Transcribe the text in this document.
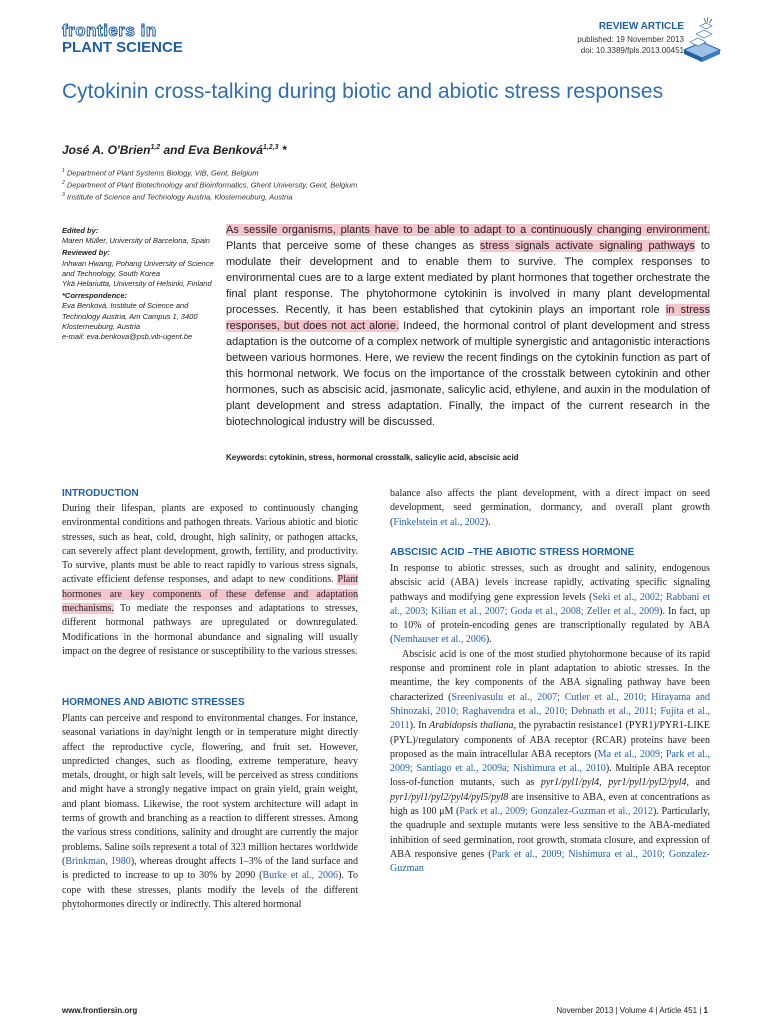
frontiers in
PLANT SCIENCE
REVIEW ARTICLE
published: 19 November 2013
doi: 10.3389/fpls.2013.00451
Cytokinin cross-talking during biotic and abiotic stress responses
José A. O'Brien$^{1,2}$ and Eva Benková$^{1,2,3}$ *
$^1$ Department of Plant Systems Biology, VIB, Gent, Belgium
$^2$ Department of Plant Biotechnology and Bioinformatics, Ghent University, Gent, Belgium
$^3$ Institute of Science and Technology Austria, Klosterneuburg, Austria
Edited by:
Maren Müller, University of Barcelona, Spain
Reviewed by:
Inhwan Hwang, Pohang University of Science and Technology, South Korea
Ykä Helariutta, University of Helsinki, Finland
*Correspondence:
Eva Benková, Institute of Science and Technology Austria, Am Campus 1, 3400 Klosterneuburg, Austria
e-mail: eva.benkova@psb.vib-ugent.be
As sessile organisms, plants have to be able to adapt to a continuously changing environment. Plants that perceive some of these changes as stress signals activate signaling pathways to modulate their development and to enable them to survive. The complex responses to environmental cues are to a large extent mediated by plant hormones that together orchestrate the final plant response. The phytohormone cytokinin is involved in many plant developmental processes. Recently, it has been established that cytokinin plays an important role in stress responses, but does not act alone. Indeed, the hormonal control of plant development and stress adaptation is the outcome of a complex network of multiple synergistic and antagonistic interactions between various hormones. Here, we review the recent findings on the cytokinin function as part of this hormonal network. We focus on the importance of the crosstalk between cytokinin and other hormones, such as abscisic acid, jasmonate, salicylic acid, ethylene, and auxin in the modulation of plant development and stress adaptation. Finally, the impact of the current research in the biotechnological industry will be discussed.
Keywords: cytokinin, stress, hormonal crosstalk, salicylic acid, abscisic acid
INTRODUCTION

During their lifespan, plants are exposed to continuously changing environmental conditions and pathogen threats. Various abiotic and biotic stresses, such as heat, cold, drought, high salinity, or pathogen attacks, can severely affect plant development, growth, fertility, and productivity. To survive, plants must be able to react rapidly to various stress signals, activate efficient defense responses, and adapt to new conditions. Plant hormones are key components of these defense and adaptation mechanisms. To mediate the responses and adaptations to stresses, different hormonal pathways are upregulated or downregulated. Modifications in the hormonal abundance and signaling will usually impact on the degree of resistance or susceptibility to the various stresses.

HORMONES AND ABIOTIC STRESSES

Plants can perceive and respond to environmental changes. For instance, seasonal variations in day/night length or in temperature might directly affect the reproductive cycle, flowering, and fruit set. However, unpredicted changes, such as flooding, extreme temperature, heavy metals, drought, or high salt levels, will be perceived as stress conditions and might have a strongly negative impact on grain yield, grain weight, and plant biomass. Likewise, the root system architecture will adapt in terms of growth and branching as a reaction to different stresses. Among the various stress conditions, salinity and drought are currently the major problems. Saline soils represent a total of 323 million hectares worldwide (Brinkman, 1980), whereas drought affects 1–3% of the land surface and is predicted to increase to up to 30% by 2090 (Burke et al., 2006). To cope with these stresses, plants modify the levels of the different phytohormones directly or indirectly. This altered hormonal

balance also affects the plant development, with a direct impact on seed development, seed germination, dormancy, and overall plant growth (Finkelstein et al., 2002).

ABSCISIC ACID –THE ABIOTIC STRESS HORMONE

In response to abiotic stresses, such as drought and salinity, endogenous abscisic acid (ABA) levels increase rapidly, activating specific signaling pathways and modifying gene expression levels (Seki et al., 2002; Rabbani et al., 2003; Kilian et al., 2007; Goda et al., 2008; Zeller et al., 2009). In fact, up to 10% of protein-encoding genes are transcriptionally regulated by ABA (Nemhauser et al., 2006).

Abscisic acid is one of the most studied phytohormone because of its rapid response and prominent role in plant adaptation to abiotic stresses. In the meantime, the key components of the ABA signaling pathway have been characterized (Sreenivasulu et al., 2007; Cutler et al., 2010; Hirayama and Shinozaki, 2010; Raghavendra et al., 2010; Debnath et al., 2011; Fujita et al., 2011). In Arabidopsis thaliana, the pyrabactin resistance1 (PYR1)/PYR1-LIKE (PYL)/regulatory components of ABA receptor (RCAR) proteins have been proposed as the main intracellular ABA receptors (Ma et al., 2009; Park et al., 2009; Santiago et al., 2009a; Nishimura et al., 2010). Multiple ABA receptor loss-of-function mutants, such as pyr1/pyl1/pyl4, pyr1/pyl1/pyl2/pyl4, and pyr1/pyl1/pyl2/pyl4/pyl5/pyl8 are insensitive to ABA, even at concentrations as high as 100 μM (Park et al., 2009; Gonzalez-Guzman et al., 2012). Particularly, the quadruple and sextuple mutants were less sensitive to the ABA-mediated inhibition of seed germination, root growth, stomata closure, and expression of ABA responsive genes (Park et al., 2009; Nishimura et al., 2010; Gonzalez-Guzman

www.frontiersin.org	November 2013 | Volume 4 | Article 451 | 1
